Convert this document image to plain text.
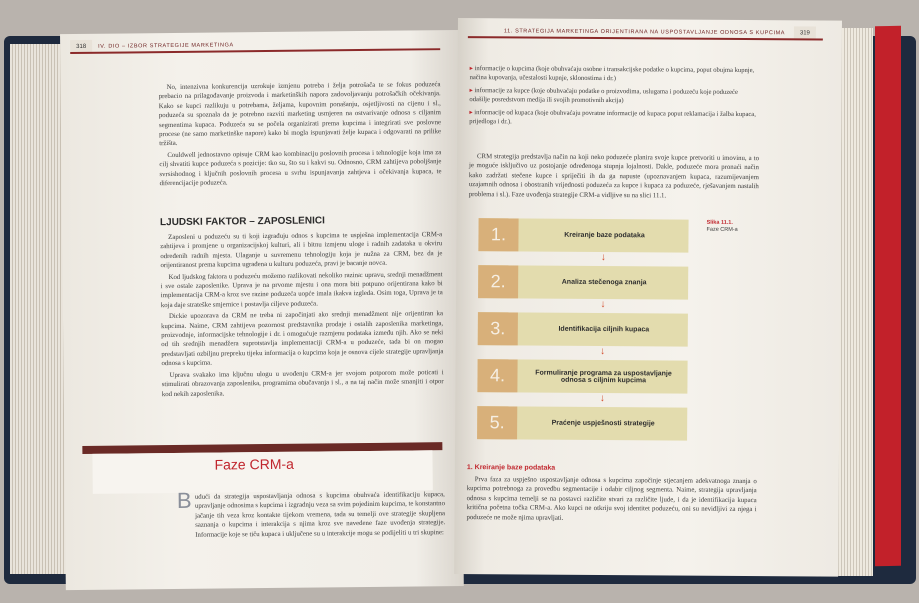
318	IV. DIO – IZBOR STRATEGIJE MARKETINGA

No, intenzivna konkurencija uzrokuje izmjenu potreba i želja potrošača te se fokus poduzeća prebacio na prilagođavanje proizvoda i marketinških napora zadovoljavanju potrošačkih očekivanja. Kako se kupci razlikuju u potrebama, željama, kupovnim ponašanju, osjetljivosti na cijenu i sl., poduzeća su spoznala da je potrebno razviti marketing usmjeren na ostvarivanje odnosa s ciljanim segmentima kupaca. Poduzeća su se počela organizirati prema kupcima i integrirati sve poslovne procese (ne samo marketinške napore) kako bi mogla ispunjavati želje kupaca i odgovarati na prilike tržišta.

Couldwell jednostavno opisuje CRM kao kombinaciju poslovnih procesa i tehnologije koja ima za cilj shvatiti kupce poduzeća s pozicije: tko su, što su i kakvi su. Odnosno, CRM zahtijeva poboljšanje svrsishodnog i ključnih poslovnih procesa u svrhu ispunjavanja zahtjeva i očekivanja kupaca, te diferencijacije poduzeća.

LJUDSKI FAKTOR – ZAPOSLENICI

Zaposleni u poduzeću su ti koji izgrađuju odnos s kupcima te uspješna implementacija CRM-a zahtijeva i promjene u organizacijskoj kulturi, ali i bitnu izmjenu uloge i radnih zadataka u okviru određenih radnih mjesta. Ulaganje u suvremenu tehnologiju koja je nužna za CRM, bez da je orijentiranost prema kupcima ugrađena u kulturu poduzeća, pravi je bacanje novca.

Kod ljudskog faktora u poduzeću možemo razlikovati nekoliko razina: upravu, srednji menadžment i sve ostale zaposlenike. Uprava je na prvome mjestu i ona mora biti potpuno orijentirana kako bi implementacija CRM-a kroz sve razine poduzeća uopće imala ikakva izgleda. Osim toga, Uprava je ta koja daje strateške smjernice i postavlja ciljeve poduzeća.

Dickie upozorava da CRM ne treba ni započinjati ako srednji menadžment nije orijentiran ka kupcima. Naime, CRM zahtijeva pozornost predstavnika prodaje i ostalih zaposlenika marketinga, proizvodnje, informacijske tehnologije i dr. i omogućuje razmjenu podataka između njih. Ako se neki od tih srednjih menadžera suprotstavlja implementaciji CRM-a u poduzeće, tada bi on mogao predstavljati ozbiljnu prepreku tijeku informacija o kupcima koja je osnova cijele strategije upravljanja odnosa s kupcima.

Uprava svakako ima ključnu ulogu u uvođenju CRM-a jer svojom potporom može poticati i stimulirati obrazovanja zaposlenika, programima obučavanja i sl., a na taj način može smanjiti i otpor kod nekih zaposlenika.

Faze CRM-a
B udući da strategija uspostavljanja odnosa s kupcima obuhvaća identifikaciju kupaca, upravljanje odnosima s kupcima i izgradnju veza sa svim pojedinim kupcima, te konstantno jačanje tih veza kroz kontakte tijekom vremena, tada su temelji ove strategije skupljena saznanja o kupcima i interakcija s njima kroz sve navedene faze uvođenja strategije. Informacije koje se tiču kupaca i uključene su u interakcije mogu se podijeliti u tri skupine:

11. STRATEGIJA MARKETINGA ORIJENTIRANA NA USPOSTAVLJANJE ODNOSA S KUPCIMA	319
▸ informacije o kupcima (koje obuhvaćaju osobne i transakcijske podatke o kupcima, poput obujma kupnje, načina kupovanja, učestalosti kupnje, sklonostima i dr.)
▸ informacije za kupce (koje obuhvaćaju podatke o proizvodima, uslugama i poduzeću koje poduzeće odašilje posredstvom medija ili svojih promotivnih akcija)
▸ informacije od kupaca (koje obuhvaćaju povratne informacije od kupaca poput reklamacija i žalba kupaca, prijedloga i dr.).

CRM strategija predstavlja način na koji neko poduzeće planira svoje kupce pretvoriti u imovinu, a to je moguće isključivo uz postojanje određenoga stupnja lojalnosti. Dakle, poduzeće mora pronaći način kako zadržati stečene kupce i spriječiti ih da ga napuste (upoznavanjem kupaca, razumijevanjem uzajamnih odnosa i obostranih vrijednosti poduzeća za kupce i kupaca za poduzeće, rješavanjem nastalih problema i sl.). Faze uvođenja strategije CRM-a vidljive su na slici 11.1.

1.	Kreiranje baze podataka
↓
2.	Analiza stečenoga znanja
↓
3.	Identifikacija ciljnih kupaca
↓
4.	Formuliranje programa za uspostavljanje odnosa s ciljnim kupcima
↓
5.	Praćenje uspješnosti strategije
Slika 11.1.
Faze CRM-a
1. Kreiranje baze podataka

Prva faza za uspješno uspostavljanje odnosa s kupcima započinje stjecanjem adekvatnoga znanja o kupcima potrebnoga za provedbu segmentacije i odabir ciljnog segmenta. Naime, strategija upravljanja odnosa s kupcima temelji se na postavci različite stvari za različite ljude, i da je identifikacija kupaca kritična početna točka CRM-a. Ako kupci ne otkriju svoj identitet poduzeću, oni su nevidljivi za njega i poduzeće ne može njima upravljati.
